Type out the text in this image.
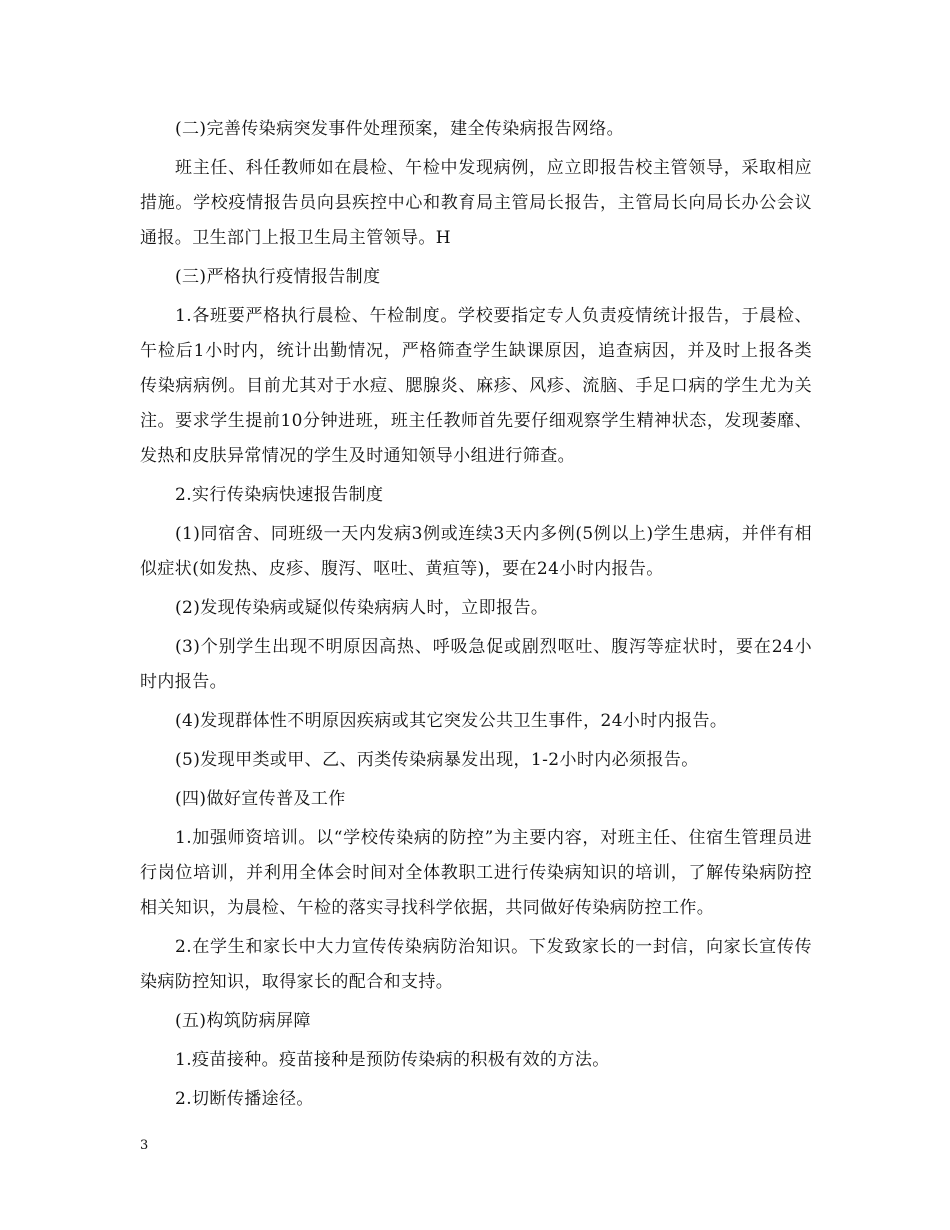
(二)完善传染病突发事件处理预案，建全传染病报告网络。

班主任、科任教师如在晨检、午检中发现病例，应立即报告校主管领导，采取相应措施。学校疫情报告员向县疾控中心和教育局主管局长报告，主管局长向局长办公会议通报。卫生部门上报卫生局主管领导。H

(三)严格执行疫情报告制度

1.各班要严格执行晨检、午检制度。学校要指定专人负责疫情统计报告，于晨检、午检后1小时内，统计出勤情况，严格筛查学生缺课原因，追查病因，并及时上报各类传染病病例。目前尤其对于水痘、腮腺炎、麻疹、风疹、流脑、手足口病的学生尤为关注。要求学生提前10分钟进班，班主任教师首先要仔细观察学生精神状态，发现萎靡、发热和皮肤异常情况的学生及时通知领导小组进行筛查。

2.实行传染病快速报告制度

(1)同宿舍、同班级一天内发病3例或连续3天内多例(5例以上)学生患病，并伴有相似症状(如发热、皮疹、腹泻、呕吐、黄疸等)，要在24小时内报告。

(2)发现传染病或疑似传染病病人时，立即报告。

(3)个别学生出现不明原因高热、呼吸急促或剧烈呕吐、腹泻等症状时，要在24小时内报告。

(4)发现群体性不明原因疾病或其它突发公共卫生事件，24小时内报告。

(5)发现甲类或甲、乙、丙类传染病暴发出现，1-2小时内必须报告。

(四)做好宣传普及工作

1.加强师资培训。以“学校传染病的防控”为主要内容，对班主任、住宿生管理员进行岗位培训，并利用全体会时间对全体教职工进行传染病知识的培训，了解传染病防控相关知识，为晨检、午检的落实寻找科学依据，共同做好传染病防控工作。

2.在学生和家长中大力宣传传染病防治知识。下发致家长的一封信，向家长宣传传染病防控知识，取得家长的配合和支持。

(五)构筑防病屏障

1.疫苗接种。疫苗接种是预防传染病的积极有效的方法。

2.切断传播途径。

3
